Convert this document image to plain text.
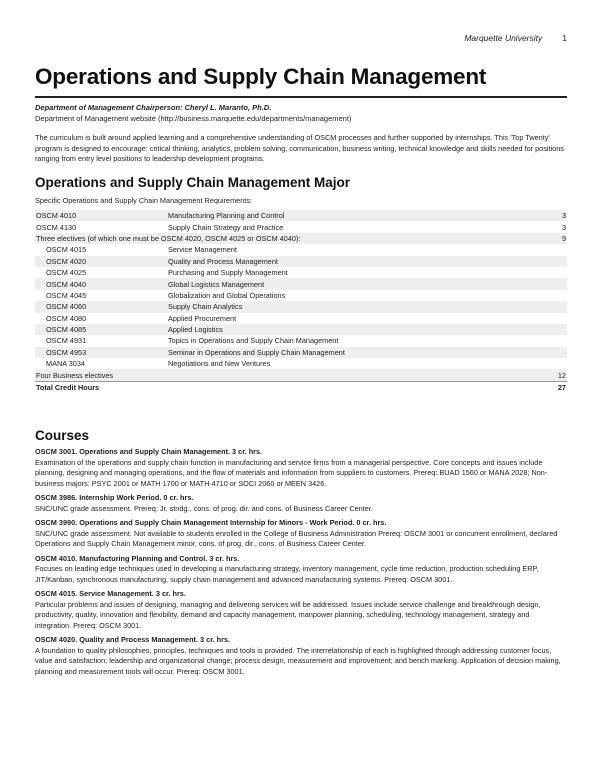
Marquette University 1
Operations and Supply Chain Management
Department of Management Chairperson: Cheryl L. Maranto, Ph.D.
Department of Management website (http://business.marquette.edu/departments/management)
The curriculum is built around applied learning and a comprehensive understanding of OSCM processes and further supported by internships. This 'Top Twenty' program is designed to encourage: critical thinking, analytics, problem solving, communication, business writing, technical knowledge and skills needed for positions ranging from entry level positions to leadership development programs.
Operations and Supply Chain Management Major
Specific Operations and Supply Chain Management Requirements:
OSCM 4010	Manufacturing Planning and Control	3
OSCM 4130	Supply Chain Strategy and Practice	3
Three electives (of which one must be OSCM 4020, OSCM 4025 or OSCM 4040):		9
OSCM 4015	Service Management	
OSCM 4020	Quality and Process Management	
OSCM 4025	Purchasing and Supply Management	
OSCM 4040	Global Logistics Management	
OSCM 4045	Globalization and Global Operations	
OSCM 4060	Supply Chain Analytics	
OSCM 4080	Applied Procurement	
OSCM 4085	Applied Logistics	
OSCM 4931	Topics in Operations and Supply Chain Management	
OSCM 4953	Seminar in Operations and Supply Chain Management	
MANA 3034	Negotiations and New Ventures	
Four Business electives		12
Total Credit Hours		27
Courses
OSCM 3001. Operations and Supply Chain Management. 3 cr. hrs.
Examination of the operations and supply chain function in manufacturing and service firms from a managerial perspective. Core concepts and issues include planning, designing and managing operations, and the flow of materials and information from suppliers to customers. Prereq: BUAD 1560 or MANA 2028; Non-business majors: PSYC 2001 or MATH 1700 or MATH 4710 or SOCI 2060 or MEEN 3426.
OSCM 3986. Internship Work Period. 0 cr. hrs.
SNC/UNC grade assessment. Prereq: Jr. stndg., cons. of prog. dir. and cons. of Business Career Center.
OSCM 3990. Operations and Supply Chain Management Internship for Minors - Work Period. 0 cr. hrs.
SNC/UNC grade assessment. Not available to students enrolled in the College of Business Administration Prereq: OSCM 3001 or concurrent enrollment, declared Operations and Supply Chain Management minor, cons. of prog. dir., cons. of Business Career Center.
OSCM 4010. Manufacturing Planning and Control. 3 cr. hrs.
Focuses on leading edge techniques used in developing a manufacturing strategy, inventory management, cycle time reduction, production scheduling ERP, JIT/Kanban, synchronous manufacturing, supply chain management and advanced manufacturing systems. Prereq: OSCM 3001.
OSCM 4015. Service Management. 3 cr. hrs.
Particular problems and issues of designing, managing and delivering services will be addressed. Issues include service challenge and breakthrough design, productivity, quality, innovation and flexibility, demand and capacity management, manpower planning, scheduling, technology management, strategy and integration. Prereq: OSCM 3001.
OSCM 4020. Quality and Process Management. 3 cr. hrs.
A foundation to quality philosophies, principles, techniques and tools is provided. The interrelationship of each is highlighted through addressing customer focus, value and satisfaction; leadership and organizational change; process design, measurement and improvement; and bench marking. Application of decision making, planning and measurement tools will occur. Prereq: OSCM 3001.
